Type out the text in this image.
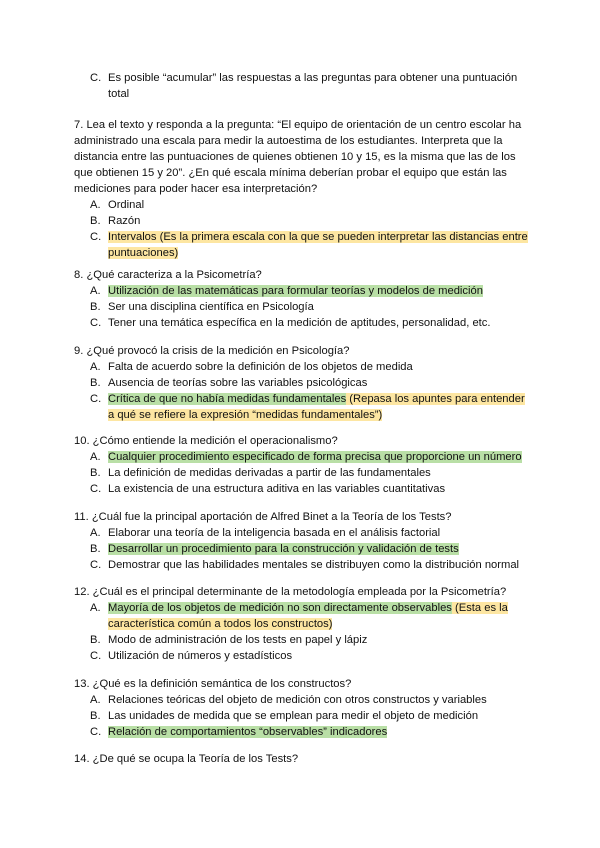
C. Es posible “acumular” las respuestas a las preguntas para obtener una puntuación total

7. Lea el texto y responda a la pregunta: “El equipo de orientación de un centro escolar ha administrado una escala para medir la autoestima de los estudiantes. Interpreta que la distancia entre las puntuaciones de quienes obtienen 10 y 15, es la misma que las de los que obtienen 15 y 20”. ¿En qué escala mínima deberían probar el equipo que están las mediciones para poder hacer esa interpretación?

A. Ordinal
B. Razón
C. Intervalos (Es la primera escala con la que se pueden interpretar las distancias entre puntuaciones)

8. ¿Qué caracteriza a la Psicometría?

A. Utilización de las matemáticas para formular teorías y modelos de medición
B. Ser una disciplina científica en Psicología
C. Tener una temática específica en la medición de aptitudes, personalidad, etc.

9. ¿Qué provocó la crisis de la medición en Psicología?

A. Falta de acuerdo sobre la definición de los objetos de medida
B. Ausencia de teorías sobre las variables psicológicas
C. Crítica de que no había medidas fundamentales (Repasa los apuntes para entender a qué se refiere la expresión “medidas fundamentales”)

10. ¿Cómo entiende la medición el operacionalismo?

A. Cualquier procedimiento especificado de forma precisa que proporcione un número
B. La definición de medidas derivadas a partir de las fundamentales
C. La existencia de una estructura aditiva en las variables cuantitativas

11. ¿Cuál fue la principal aportación de Alfred Binet a la Teoría de los Tests?

A. Elaborar una teoría de la inteligencia basada en el análisis factorial
B. Desarrollar un procedimiento para la construcción y validación de tests
C. Demostrar que las habilidades mentales se distribuyen como la distribución normal

12. ¿Cuál es el principal determinante de la metodología empleada por la Psicometría?

A. Mayoría de los objetos de medición no son directamente observables (Esta es la característica común a todos los constructos)
B. Modo de administración de los tests en papel y lápiz
C. Utilización de números y estadísticos

13. ¿Qué es la definición semántica de los constructos?

A. Relaciones teóricas del objeto de medición con otros constructos y variables
B. Las unidades de medida que se emplean para medir el objeto de medición
C. Relación de comportamientos “observables” indicadores

14. ¿De qué se ocupa la Teoría de los Tests?
